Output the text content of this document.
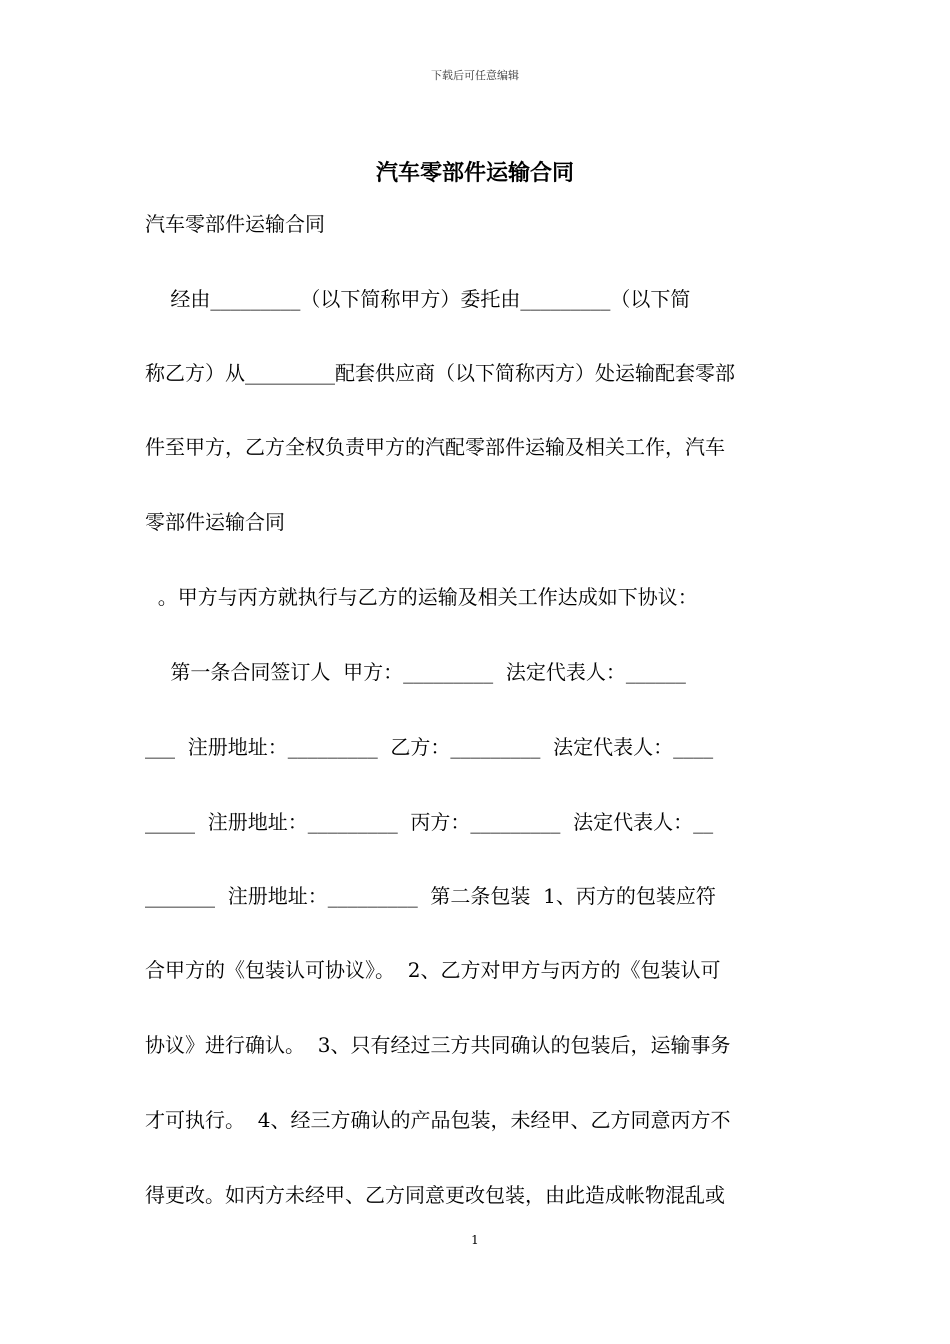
下载后可任意编辑
汽车零部件运输合同
汽车零部件运输合同
经由_________（以下简称甲方）委托由_________（以下简
称乙方）从_________配套供应商（以下简称丙方）处运输配套零部
件至甲方，乙方全权负责甲方的汽配零部件运输及相关工作，汽车
零部件运输合同
。甲方与丙方就执行与乙方的运输及相关工作达成如下协议：
第一条合同签订人  甲方：_________  法定代表人：______
___  注册地址：_________  乙方：_________  法定代表人：____
_____  注册地址：_________  丙方：_________  法定代表人：__
_______  注册地址：_________  第二条包装  1、丙方的包装应符
合甲方的《包装认可协议》。  2、乙方对甲方与丙方的《包装认可
协议》进行确认。  3、只有经过三方共同确认的包装后，运输事务
才可执行。  4、经三方确认的产品包装，未经甲、乙方同意丙方不
得更改。如丙方未经甲、乙方同意更改包装，由此造成帐物混乱或
1
